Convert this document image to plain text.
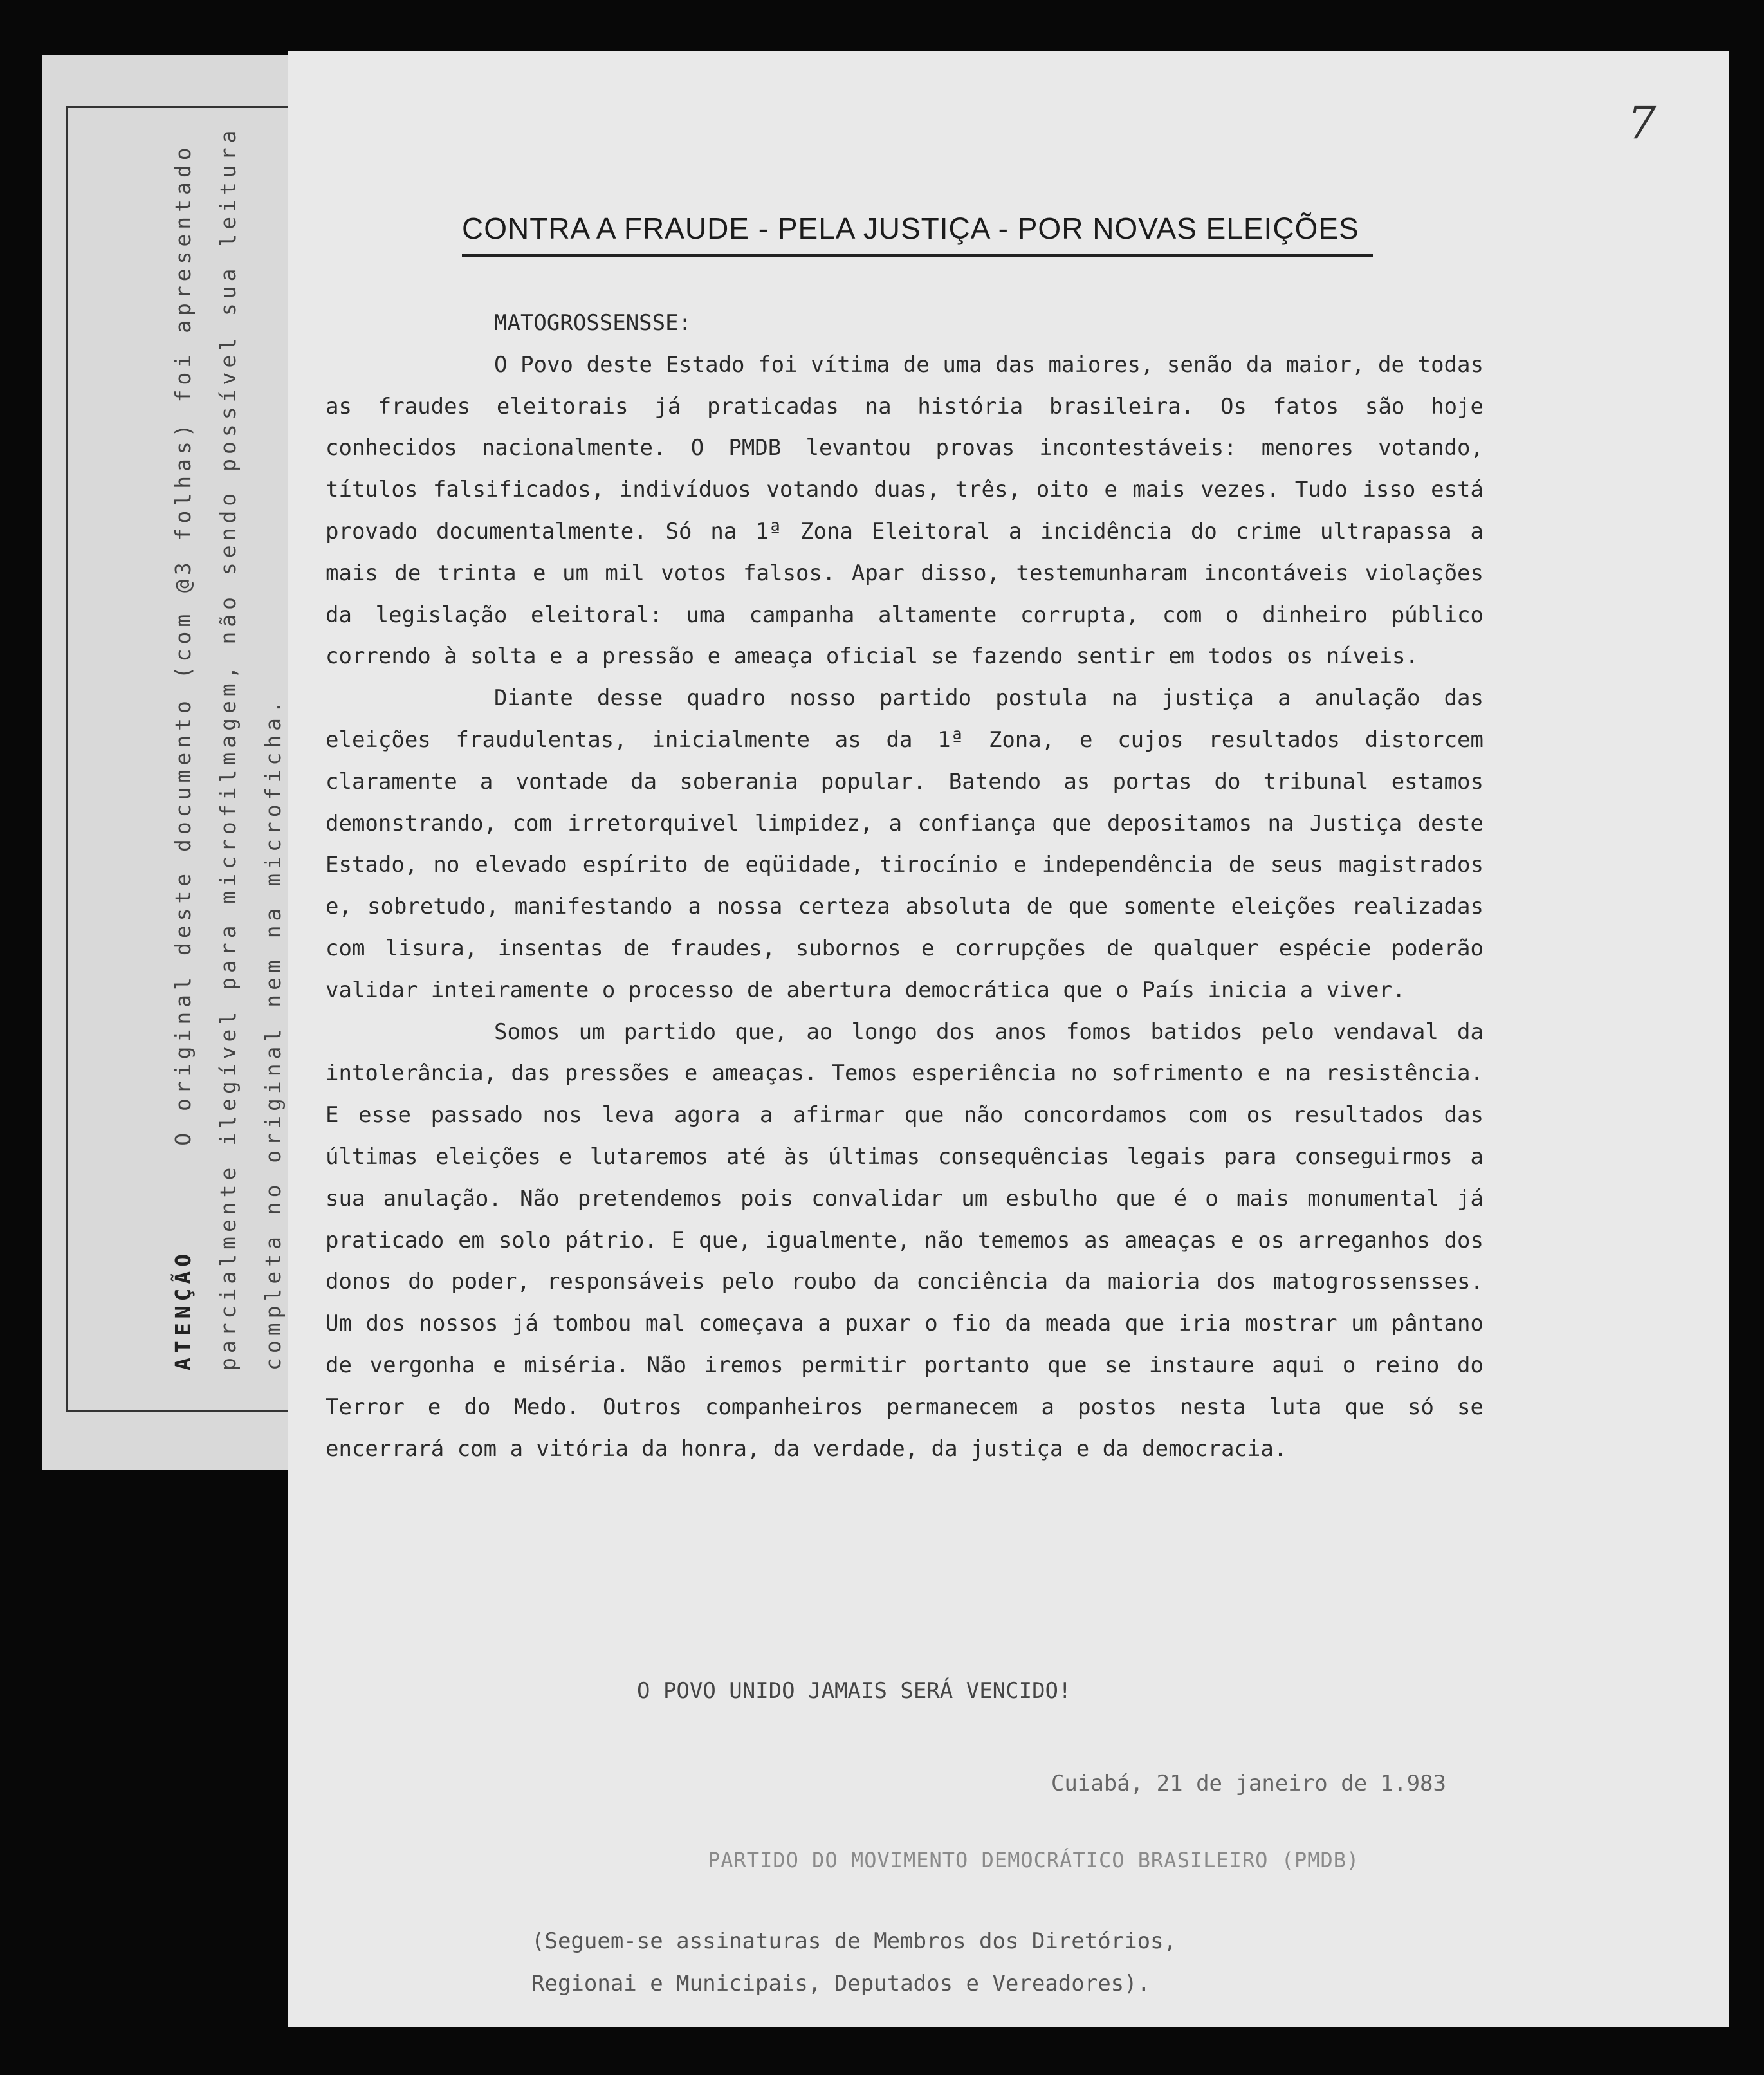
ATENÇÃO      O original deste documento (com @3 folhas) foi apresentado parcialmente ilegível para microfilmagem, não sendo possível sua leitura completa no original nem na microficha.
7
CONTRA A FRAUDE - PELA JUSTIÇA - POR NOVAS ELEIÇÕES

MATOGROSSENSSE:

O Povo deste Estado foi vítima de uma das maiores, senão da maior, de todas as fraudes eleitorais já praticadas na história brasileira. Os fatos são hoje conhecidos nacionalmente. O PMDB levantou provas incontestáveis: menores votando, títulos falsificados, indivíduos votando duas, três, oito e mais vezes. Tudo isso está provado documentalmente. Só na 1ª Zona Eleitoral a incidência do crime ultrapassa a mais de trinta e um mil votos falsos. Apar disso, testemunharam incontáveis violações da legislação eleitoral: uma campanha altamente corrupta, com o dinheiro público correndo à solta e a pressão e ameaça oficial se fazendo sentir em todos os níveis.

Diante desse quadro nosso partido postula na justiça a anulação das eleições fraudulentas, inicialmente as da 1ª Zona, e cujos resultados distorcem claramente a vontade da soberania popular. Batendo as portas do tribunal estamos demonstrando, com irretorquivel limpidez, a confiança que depositamos na Justiça deste Estado, no elevado espírito de eqüidade, tirocínio e independência de seus magistrados e, sobretudo, manifestando a nossa certeza absoluta de que somente eleições realizadas com lisura, insentas de fraudes, subornos e corrupções de qualquer espécie poderão validar inteiramente o processo de abertura democrática que o País inicia a viver.

Somos um partido que, ao longo dos anos fomos batidos pelo vendaval da intolerância, das pressões e ameaças. Temos esperiência no sofrimento e na resistência. E esse passado nos leva agora a afirmar que não concordamos com os resultados das últimas eleições e lutaremos até às últimas consequências legais para conseguirmos a sua anulação. Não pretendemos pois convalidar um esbulho que é o mais monumental já praticado em solo pátrio. E que, igualmente, não tememos as ameaças e os arreganhos dos donos do poder, responsáveis pelo roubo da conciência da maioria dos matogrossensses. Um dos nossos já tombou mal começava a puxar o fio da meada que iria mostrar um pântano de vergonha e miséria. Não iremos permitir portanto que se instaure aqui o reino do Terror e do Medo. Outros companheiros permanecem a postos nesta luta que só se encerrará com a vitória da honra, da verdade, da justiça e da democracia.

O POVO UNIDO JAMAIS SERÁ VENCIDO!
Cuiabá, 21 de janeiro de 1.983
PARTIDO DO MOVIMENTO DEMOCRÁTICO BRASILEIRO (PMDB)
(Seguem-se assinaturas de Membros dos Diretórios,
Regionai e Municipais, Deputados e Vereadores).
